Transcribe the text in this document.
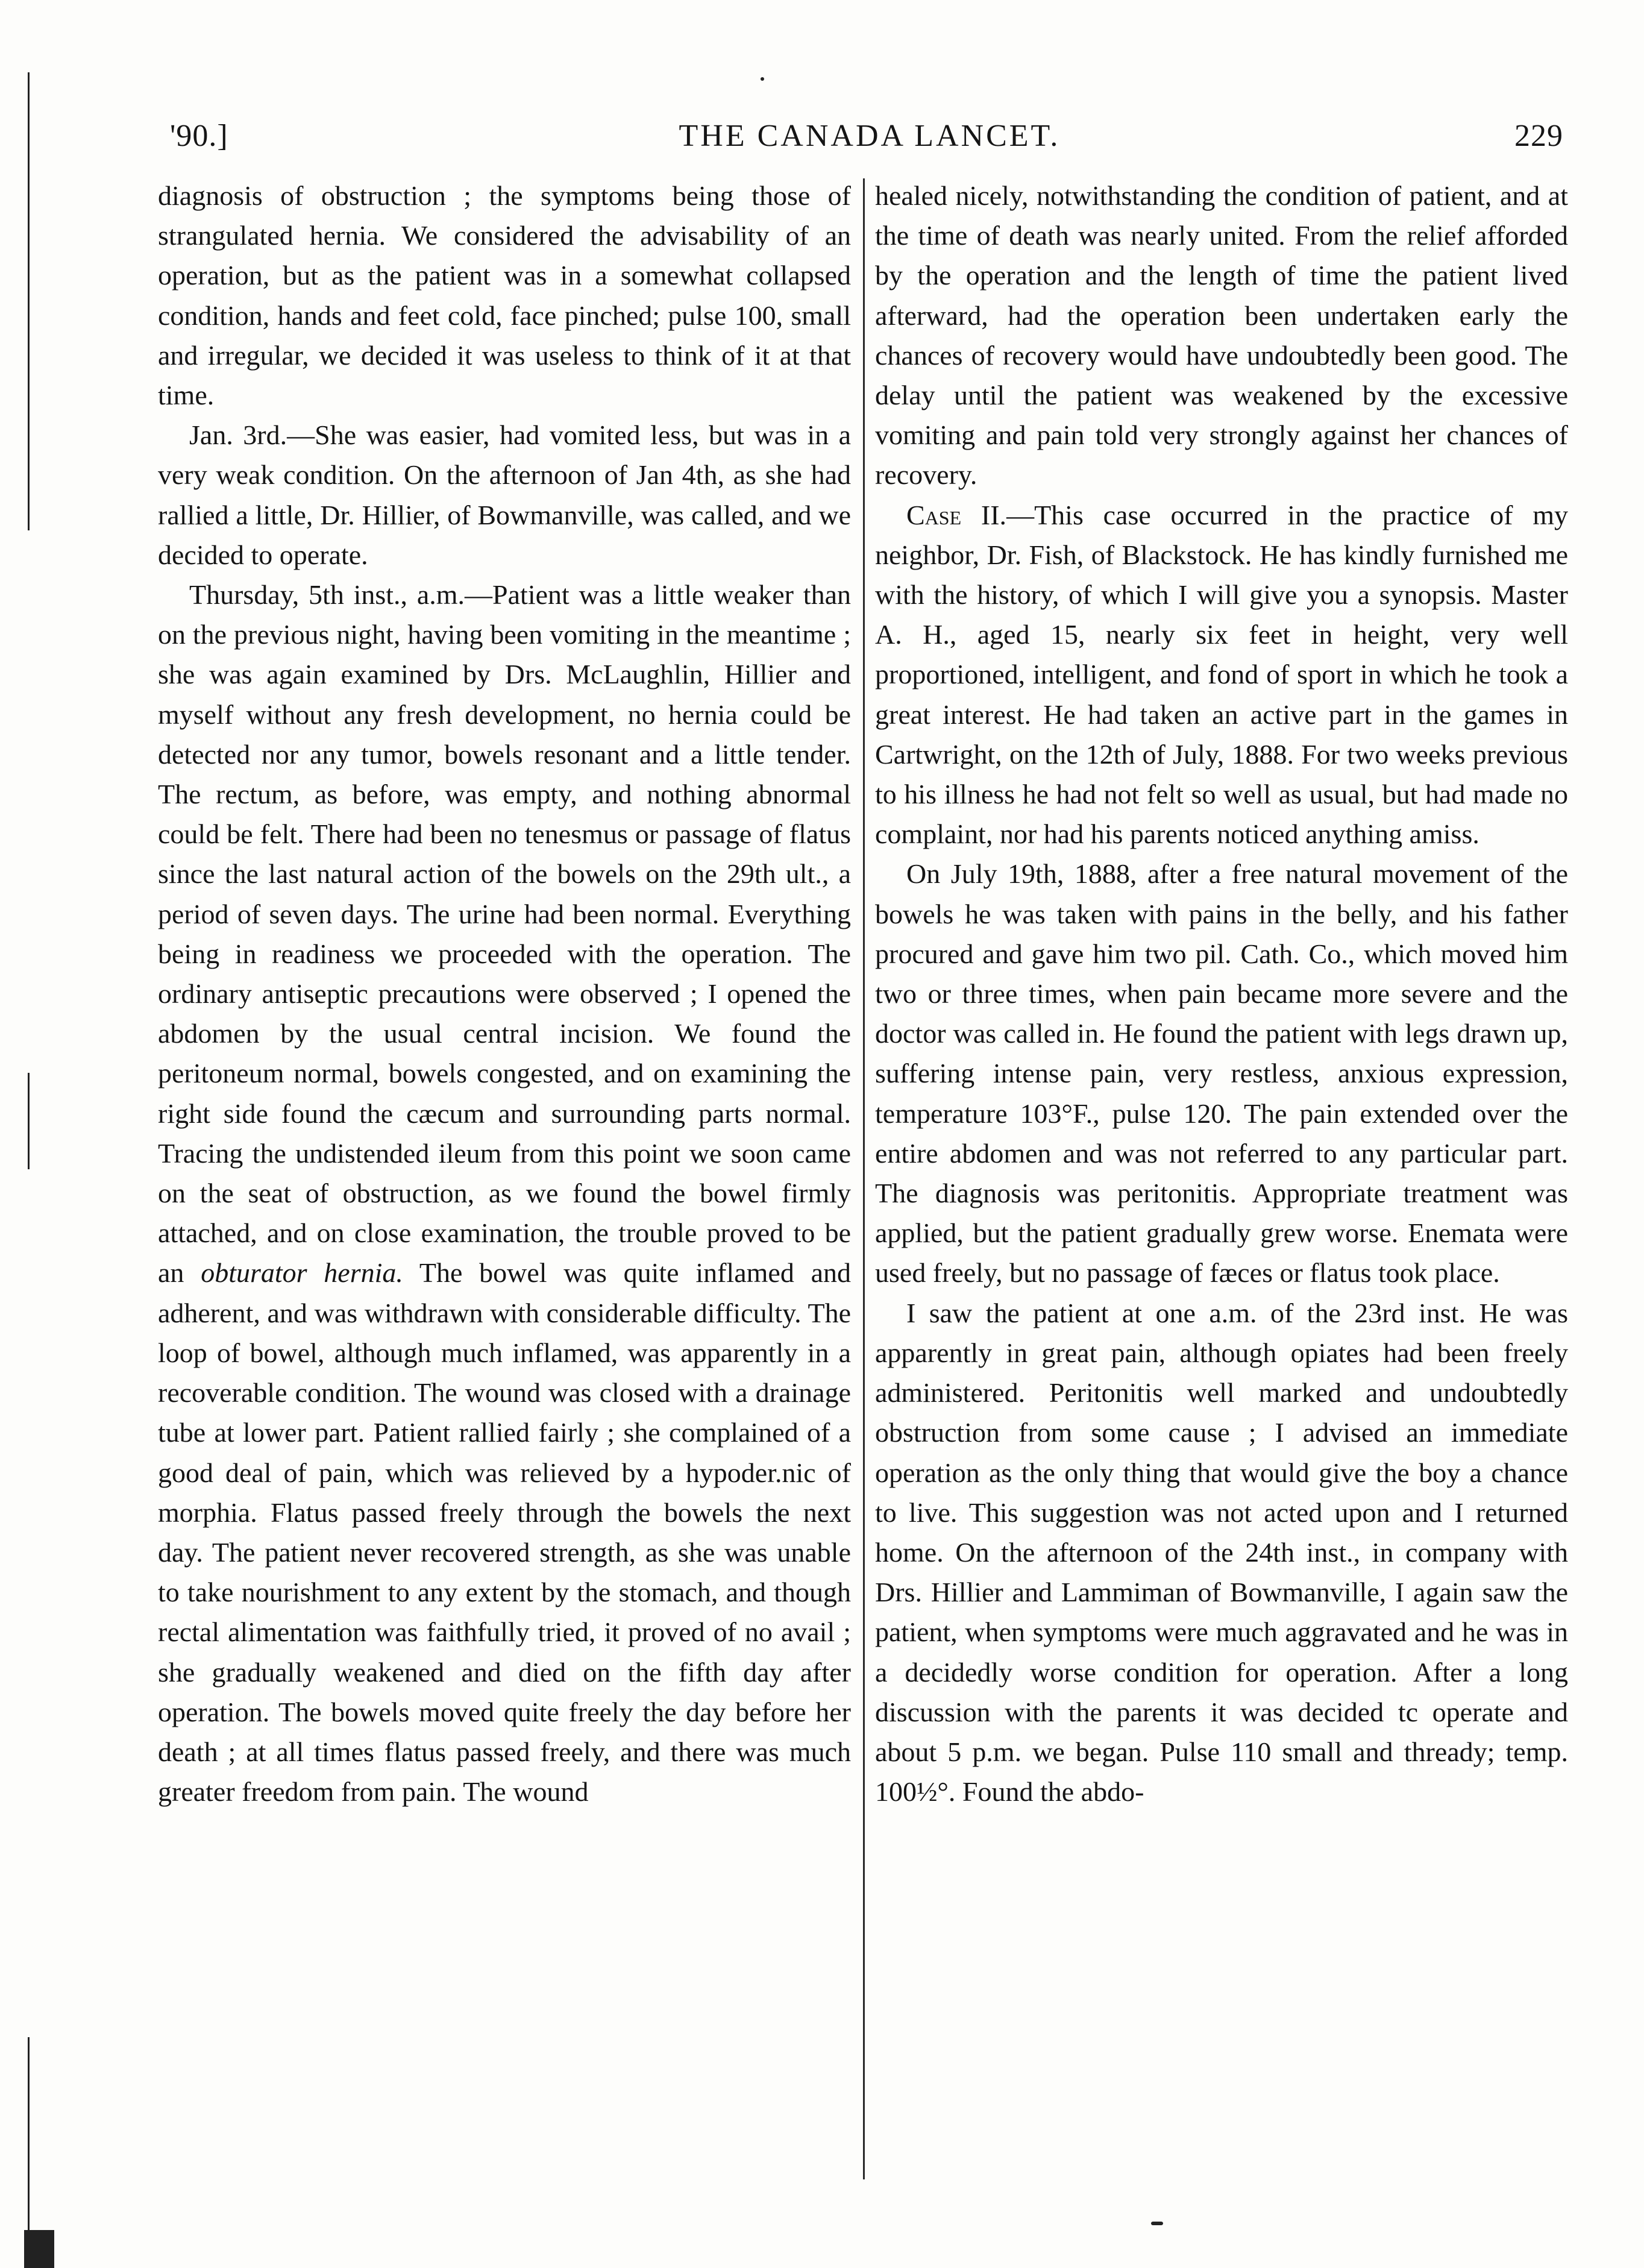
'90.]	THE CANADA LANCET.	229

diagnosis of obstruction ; the symptoms being those of strangulated hernia. We considered the advisability of an operation, but as the patient was in a somewhat collapsed condition, hands and feet cold, face pinched; pulse 100, small and irregular, we decided it was useless to think of it at that time.

Jan. 3rd.—She was easier, had vomited less, but was in a very weak condition. On the afternoon of Jan 4th, as she had rallied a little, Dr. Hillier, of Bowmanville, was called, and we decided to operate.

Thursday, 5th inst., a.m.—Patient was a little weaker than on the previous night, having been vomiting in the meantime ; she was again examined by Drs. McLaughlin, Hillier and myself without any fresh development, no hernia could be detected nor any tumor, bowels resonant and a little tender. The rectum, as before, was empty, and nothing abnormal could be felt. There had been no tenesmus or passage of flatus since the last natural action of the bowels on the 29th ult., a period of seven days. The urine had been normal. Everything being in readiness we proceeded with the operation. The ordinary antiseptic precautions were observed ; I opened the abdomen by the usual central incision. We found the peritoneum normal, bowels congested, and on examining the right side found the cæcum and surrounding parts normal. Tracing the undistended ileum from this point we soon came on the seat of obstruction, as we found the bowel firmly attached, and on close examination, the trouble proved to be an obturator hernia. The bowel was quite inflamed and adherent, and was withdrawn with considerable difficulty. The loop of bowel, although much inflamed, was apparently in a recoverable condition. The wound was closed with a drainage tube at lower part. Patient rallied fairly ; she complained of a good deal of pain, which was relieved by a hypoder.nic of morphia. Flatus passed freely through the bowels the next day. The patient never recovered strength, as she was unable to take nourishment to any extent by the stomach, and though rectal alimentation was faithfully tried, it proved of no avail ; she gradually weakened and died on the fifth day after operation. The bowels moved quite freely the day before her death ; at all times flatus passed freely, and there was much greater freedom from pain. The wound

healed nicely, notwithstanding the condition of patient, and at the time of death was nearly united. From the relief afforded by the operation and the length of time the patient lived afterward, had the operation been undertaken early the chances of recovery would have undoubtedly been good. The delay until the patient was weakened by the excessive vomiting and pain told very strongly against her chances of recovery.

Case II.—This case occurred in the practice of my neighbor, Dr. Fish, of Blackstock. He has kindly furnished me with the history, of which I will give you a synopsis. Master A. H., aged 15, nearly six feet in height, very well proportioned, intelligent, and fond of sport in which he took a great interest. He had taken an active part in the games in Cartwright, on the 12th of July, 1888. For two weeks previous to his illness he had not felt so well as usual, but had made no complaint, nor had his parents noticed anything amiss.

On July 19th, 1888, after a free natural movement of the bowels he was taken with pains in the belly, and his father procured and gave him two pil. Cath. Co., which moved him two or three times, when pain became more severe and the doctor was called in. He found the patient with legs drawn up, suffering intense pain, very restless, anxious expression, temperature 103°F., pulse 120. The pain extended over the entire abdomen and was not referred to any particular part. The diagnosis was peritonitis. Appropriate treatment was applied, but the patient gradually grew worse. Enemata were used freely, but no passage of fæces or flatus took place.

I saw the patient at one a.m. of the 23rd inst. He was apparently in great pain, although opiates had been freely administered. Peritonitis well marked and undoubtedly obstruction from some cause ; I advised an immediate operation as the only thing that would give the boy a chance to live. This suggestion was not acted upon and I returned home. On the afternoon of the 24th inst., in company with Drs. Hillier and Lammiman of Bowmanville, I again saw the patient, when symptoms were much aggravated and he was in a decidedly worse condition for operation. After a long discussion with the parents it was decided tc operate and about 5 p.m. we began. Pulse 110 small and thready; temp. 100½°. Found the abdo-
